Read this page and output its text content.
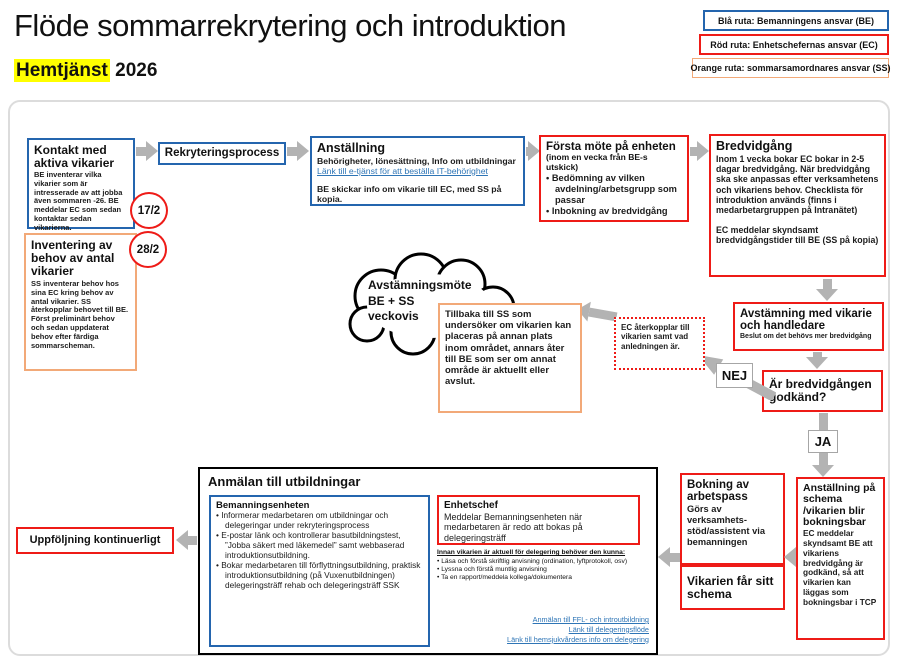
Flöde sommarrekrytering och introduktion
Hemtjänst 2026
Blå ruta: Bemanningens ansvar (BE)
Röd ruta: Enhetschefernas ansvar (EC)
Orange ruta: sommarsamordnares ansvar (SS)
Kontakt med aktiva vikarier
BE inventerar vilka vikarier som är intresserade av att jobba även sommaren -26. BE meddelar EC som sedan kontaktar sedan vikarierna.
Rekryteringsprocess	Anställning
Behörigheter, lönesättning, Info om utbildningar
Länk till e-tjänst för att beställa IT-behörighet
BE skickar info om vikarie till EC, med SS på kopia.
Första möte på enheten
(inom en vecka från BE-s utskick)
• Bedömning av vilken avdelning/arbetsgrupp som passar
• Inbokning av bredvidgång
Bredvidgång
Inom 1 vecka bokar EC bokar in 2-5 dagar bredvidgång. När bredvidgång ska ske anpassas efter verksamhetens och vikariens behov. Checklista för introduktion används (finns i medarbetargruppen på Intranätet)
EC meddelar skyndsamt bredvidgångstider till BE (SS på kopia)
17/2
28/2
Inventering av behov av antal vikarier
SS inventerar behov hos sina EC kring behov av antal vikarier. SS återkopplar behovet till BE. Först preliminärt behov och sedan uppdaterat behov efter färdiga sommarscheman.
Avstämningsmöte
BE + SS
veckovis	Tillbaka till SS som undersöker om vikarien kan placeras på annan plats inom området, annars åter till BE som ser om annat område är aktuellt eller avslut.
EC återkopplar till vikarien samt vad anledningen är.
Avstämning med vikarie och handledare
Beslut om det behövs mer bredvidgång
Är bredvidgången godkänd?
NEJ
JA
Anmälan till utbildningar
Bemanningsenheten
• Informerar medarbetaren om utbildningar och delegeringar under rekryteringsprocess
• E-postar länk och kontrollerar basutbildningstest, ”Jobba säkert med läkemedel” samt webbaserad introduktionsutbildning.
• Bokar medarbetaren till förflyttningsutbildning, praktisk introduktionsutbildning (på Vuxenutbildningen) delegeringsträff rehab och delegeringsträff SSK
Enhetschef
Meddelar Bemanningsenheten när medarbetaren är redo att bokas på delegeringsträff
Innan vikarien är aktuell för delegering behöver den kunna:
• Läsa och förstå skriftlig anvisning (ordination, lyftprotokoll, osv)
• Lyssna och förstå muntlig anvisning
• Ta en rapport/meddela kollega/dokumentera
Anmälan till FFL- och introutbildning
Länk till delegeringsflöde
Länk till hemsjukvårdens info om delegering
Uppföljning kontinuerligt
Bokning av arbetspass
Görs av verksamhetsstöd/assistent via bemanningen
Vikarien får sitt schema
Anställning på schema /vikarien blir bokningsbar
EC meddelar skyndsamt BE att vikariens bredvidgång är godkänd, så att vikarien kan läggas som bokningsbar i TCP
